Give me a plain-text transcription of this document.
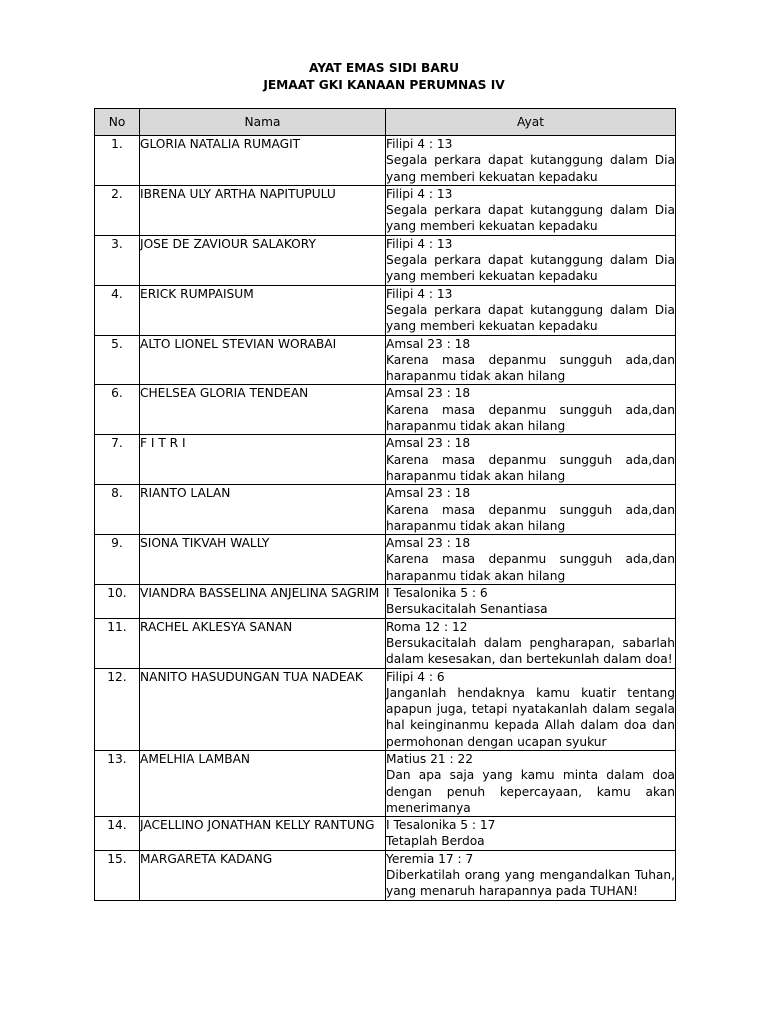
AYAT EMAS SIDI BARU
JEMAAT GKI KANAAN PERUMNAS IV
No	Nama	Ayat
1.	GLORIA NATALIA RUMAGIT	Filipi 4 : 13
Segala perkara dapat kutanggung dalam Dia yang memberi kekuatan kepadaku

2.	IBRENA ULY ARTHA NAPITUPULU	Filipi 4 : 13
Segala perkara dapat kutanggung dalam Dia yang memberi kekuatan kepadaku

3.	JOSE DE ZAVIOUR SALAKORY	Filipi 4 : 13
Segala perkara dapat kutanggung dalam Dia yang memberi kekuatan kepadaku

4.	ERICK RUMPAISUM	Filipi 4 : 13
Segala perkara dapat kutanggung dalam Dia yang memberi kekuatan kepadaku

5.	ALTO LIONEL STEVIAN WORABAI	Amsal 23 : 18
Karena masa depanmu sungguh ada,dan harapanmu tidak akan hilang

6.	CHELSEA GLORIA TENDEAN	Amsal 23 : 18
Karena masa depanmu sungguh ada,dan harapanmu tidak akan hilang

7.	F I T R I	Amsal 23 : 18
Karena masa depanmu sungguh ada,dan harapanmu tidak akan hilang

8.	RIANTO LALAN	Amsal 23 : 18
Karena masa depanmu sungguh ada,dan harapanmu tidak akan hilang

9.	SIONA TIKVAH WALLY	Amsal 23 : 18
Karena masa depanmu sungguh ada,dan harapanmu tidak akan hilang

10.	VIANDRA BASSELINA ANJELINA SAGRIM	I Tesalonika 5 : 6
Bersukacitalah Senantiasa

11.	RACHEL AKLESYA SANAN	Roma 12 : 12
Bersukacitalah dalam pengharapan, sabarlah dalam kesesakan, dan bertekunlah dalam doa!

12.	NANITO HASUDUNGAN TUA NADEAK	Filipi 4 : 6
Janganlah hendaknya kamu kuatir tentang apapun juga, tetapi nyatakanlah dalam segala hal keinginanmu kepada Allah dalam doa dan permohonan dengan ucapan syukur

13.	AMELHIA LAMBAN	Matius 21 : 22
Dan apa saja yang kamu minta dalam doa dengan penuh kepercayaan, kamu akan menerimanya

14.	JACELLINO JONATHAN KELLY RANTUNG	I Tesalonika 5 : 17
Tetaplah Berdoa

15.	MARGARETA KADANG	Yeremia 17 : 7
Diberkatilah orang yang mengandalkan Tuhan, yang menaruh harapannya pada TUHAN!
